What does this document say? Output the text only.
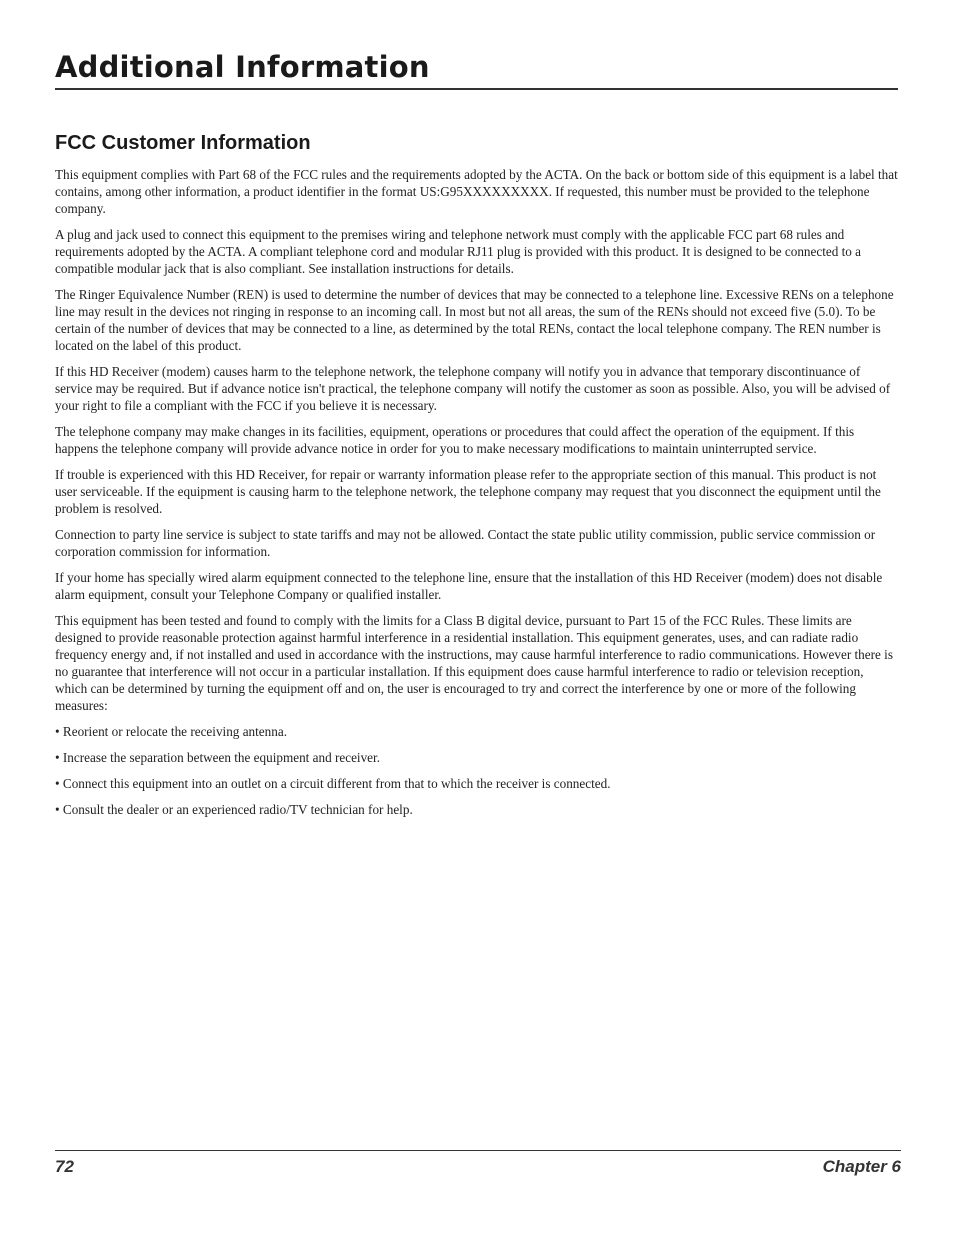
Additional Information
FCC Customer Information

This equipment complies with Part 68 of the FCC rules and the requirements adopted by the ACTA. On the back or bottom side of this equipment is a label that contains, among other information, a product identifier in the format US:G95XXXXXXXXX. If requested, this number must be provided to the telephone company.

A plug and jack used to connect this equipment to the premises wiring and telephone network must comply with the applicable FCC part 68 rules and requirements adopted by the ACTA. A compliant telephone cord and modular RJ11 plug is provided with this product. It is designed to be connected to a compatible modular jack that is also compliant. See installation instructions for details.

The Ringer Equivalence Number (REN) is used to determine the number of devices that may be connected to a telephone line. Excessive RENs on a telephone line may result in the devices not ringing in response to an incoming call. In most but not all areas, the sum of the RENs should not exceed five (5.0). To be certain of the number of devices that may be connected to a line, as determined by the total RENs, contact the local telephone company. The REN number is located on the label of this product.

If this HD Receiver (modem) causes harm to the telephone network, the telephone company will notify you in advance that temporary discontinuance of service may be required. But if advance notice isn't practical, the telephone company will notify the customer as soon as possible. Also, you will be advised of your right to file a compliant with the FCC if you believe it is necessary.

The telephone company may make changes in its facilities, equipment, operations or procedures that could affect the operation of the equipment. If this happens the telephone company will provide advance notice in order for you to make necessary modifications to maintain uninterrupted service.

If trouble is experienced with this HD Receiver, for repair or warranty information please refer to the appropriate section of this manual. This product is not user serviceable. If the equipment is causing harm to the telephone network, the telephone company may request that you disconnect the equipment until the problem is resolved.

Connection to party line service is subject to state tariffs and may not be allowed. Contact the state public utility commission, public service commission or corporation commission for information.

If your home has specially wired alarm equipment connected to the telephone line, ensure that the installation of this HD Receiver (modem) does not disable alarm equipment, consult your Telephone Company or qualified installer.

This equipment has been tested and found to comply with the limits for a Class B digital device, pursuant to Part 15 of the FCC Rules. These limits are designed to provide reasonable protection against harmful interference in a residential installation. This equipment generates, uses, and can radiate radio frequency energy and, if not installed and used in accordance with the instructions, may cause harmful interference to radio communications. However there is no guarantee that interference will not occur in a particular installation. If this equipment does cause harmful interference to radio or television reception, which can be determined by turning the equipment off and on, the user is encouraged to try and correct the interference by one or more of the following measures:

• Reorient or relocate the receiving antenna.

• Increase the separation between the equipment and receiver.

• Connect this equipment into an outlet on a circuit different from that to which the receiver is connected.

• Consult the dealer or an experienced radio/TV technician for help.

72	Chapter 6
